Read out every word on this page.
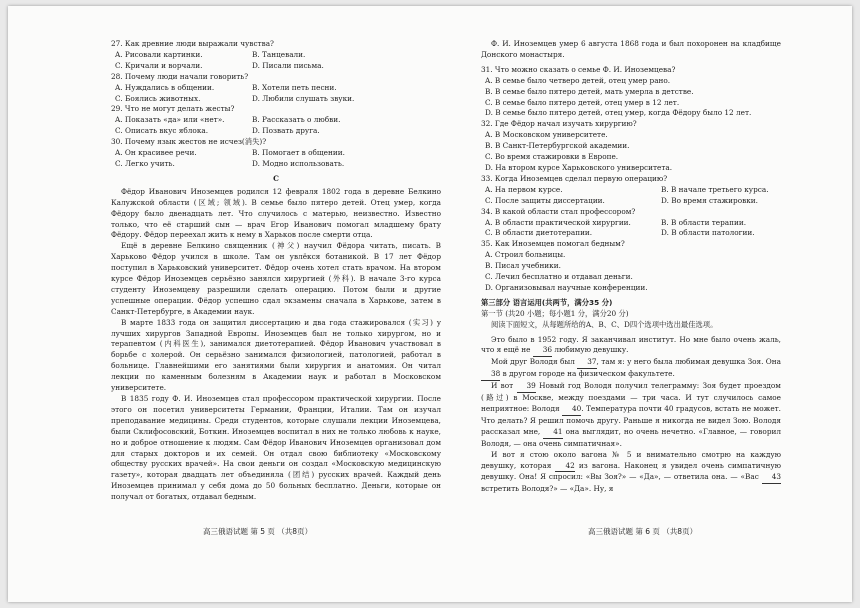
27. Как древние люди выражали чувства?
A. Рисовали картинки.	B. Танцевали.
C. Кричали и ворчали.	D. Писали письма.
28. Почему люди начали говорить?
A. Нуждались в общении.	B. Хотели петь песни.
C. Боялись животных.	D. Любили слушать звуки.
29. Что не могут делать жесты?
A. Показать «да» или «нет».	B. Рассказать о любви.
C. Описать вкус яблока.	D. Позвать друга.
30. Почему язык жестов не исчез(消失)?
A. Он красивее речи.	B. Помогает в общении.
C. Легко учить.	D. Модно использовать.
C
Фёдор Иванович Иноземцев родился 12 февраля 1802 года в деревне Белкино Калужской области (区域; 领域). В семье было пятеро детей. Отец умер, когда Фёдору было двенадцать лет. Что случилось с матерью, неизвестно. Известно только, что её старший сын — врач Егор Иванович помогал младшему брату Фёдору. Фёдор переехал жить к нему в Харьков после смерти отца.
Ещё в деревне Белкино священник (神父) научил Фёдора читать, писать. В Харьково Фёдор учился в школе. Там он увлёкся ботаникой. В 17 лет Фёдор поступил в Харьковский университет. Фёдор очень хотел стать врачом. На втором курсе Фёдор Иноземцев серьёзно занялся хирургией (外科). В начале 3-го курса студенту Иноземцеву разрешили сделать операцию. Потом были и другие успешные операции. Фёдор успешно сдал экзамены сначала в Харькове, затем в Санкт-Петербурге, в Академии наук.
В марте 1833 года он защитил диссертацию и два года стажировался (实习) у лучших хирургов Западной Европы. Иноземцев был не только хирургом, но и терапевтом (内科医生), занимался диетотерапией. Фёдор Иванович участвовал в борьбе с холерой. Он серьёзно занимался физиологией, патологией, работал в больнице. Главнейшими его занятиями были хирургия и анатомия. Он читал лекции по каменным болезням в Академии наук и работал в Московском университете.
В 1835 году Ф. И. Иноземцев стал профессором практической хирургии. После этого он посетил университеты Германии, Франции, Италии. Там он изучал преподавание медицины. Среди студентов, которые слушали лекции Иноземцева, были Склифосовский, Боткин. Иноземцев воспитал в них не только любовь к науке, но и доброе отношение к людям. Сам Фёдор Иванович Иноземцев организовал дом для старых докторов и их семей. Он отдал свою библиотеку «Московскому обществу русских врачей». На свои деньги он создал «Московскую медицинскую газету», которая двадцать лет объединяла (团结) русских врачей. Каждый день Иноземцев принимал у себя дома до 50 больных бесплатно. Деньги, которые он получал от богатых, отдавал бедным.
Ф. И. Иноземцев умер 6 августа 1868 года и был похоронен на кладбище Донского монастыря.
31. Что можно сказать о семье Ф. И. Иноземцева?
A. В семье было четверо детей, отец умер рано.
B. В семье было пятеро детей, мать умерла в детстве.
C. В семье было пятеро детей, отец умер в 12 лет.
D. В семье было пятеро детей, отец умер, когда Фёдору было 12 лет.
32. Где Фёдор начал изучать хирургию?
A. В Московском университете.
B. В Санкт-Петербургской академии.
C. Во время стажировки в Европе.
D. На втором курсе Харьковского университета.
33. Когда Иноземцев сделал первую операцию?
A. На первом курсе.	B. В начале третьего курса.
C. После защиты диссертации.	D. Во время стажировки.
34. В какой области стал профессором?
A. В области практической хирургии.	B. В области терапии.
C. В области диетотерапии.	D. В области патологии.
35. Как Иноземцев помогал бедным?
A. Строил больницы.
B. Писал учебники.
C. Лечил бесплатно и отдавал деньги.
D. Организовывал научные конференции.
第三部分 语言运用(共两节，满分35 分)
第一节 (共20 小题；每小题1 分，满分20 分)
阅读下面短文，从每题所给的A、B、C、D四个选项中选出最佳选项。
Это было в 1952 году. Я заканчивал институт. Но мне было очень жаль, что я ещё не 36 любимую девушку.
Мой друг Володя был 37, там я: у него была любимая девушка Зоя. Она 38 в другом городе на физическом факультете.
И вот 39 Новый год Володя получил телеграмму: Зоя будет проездом (路过) в Москве, между поездами — три часа. И тут случилось самое неприятное: Володя 40. Температура почти 40 градусов, встать не может. Что делать? Я решил помочь другу. Раньше я никогда не видел Зою. Володя рассказал мне, 41 она выглядит, но очень нечетно. «Главное, — говорил Володя, — она очень симпатичная».
И вот я стою около вагона № 5 и внимательно смотрю на каждую девушку, которая 42 из вагона. Наконец я увидел очень симпатичную девушку. Она! Я спросил: «Вы Зоя?» — «Да», — ответила она. — «Вас 43 встретить Володя?» — «Да». Ну, я
高三俄语试题 第 5 页 （共8页）	高三俄语试题 第 6 页 （共8页）
